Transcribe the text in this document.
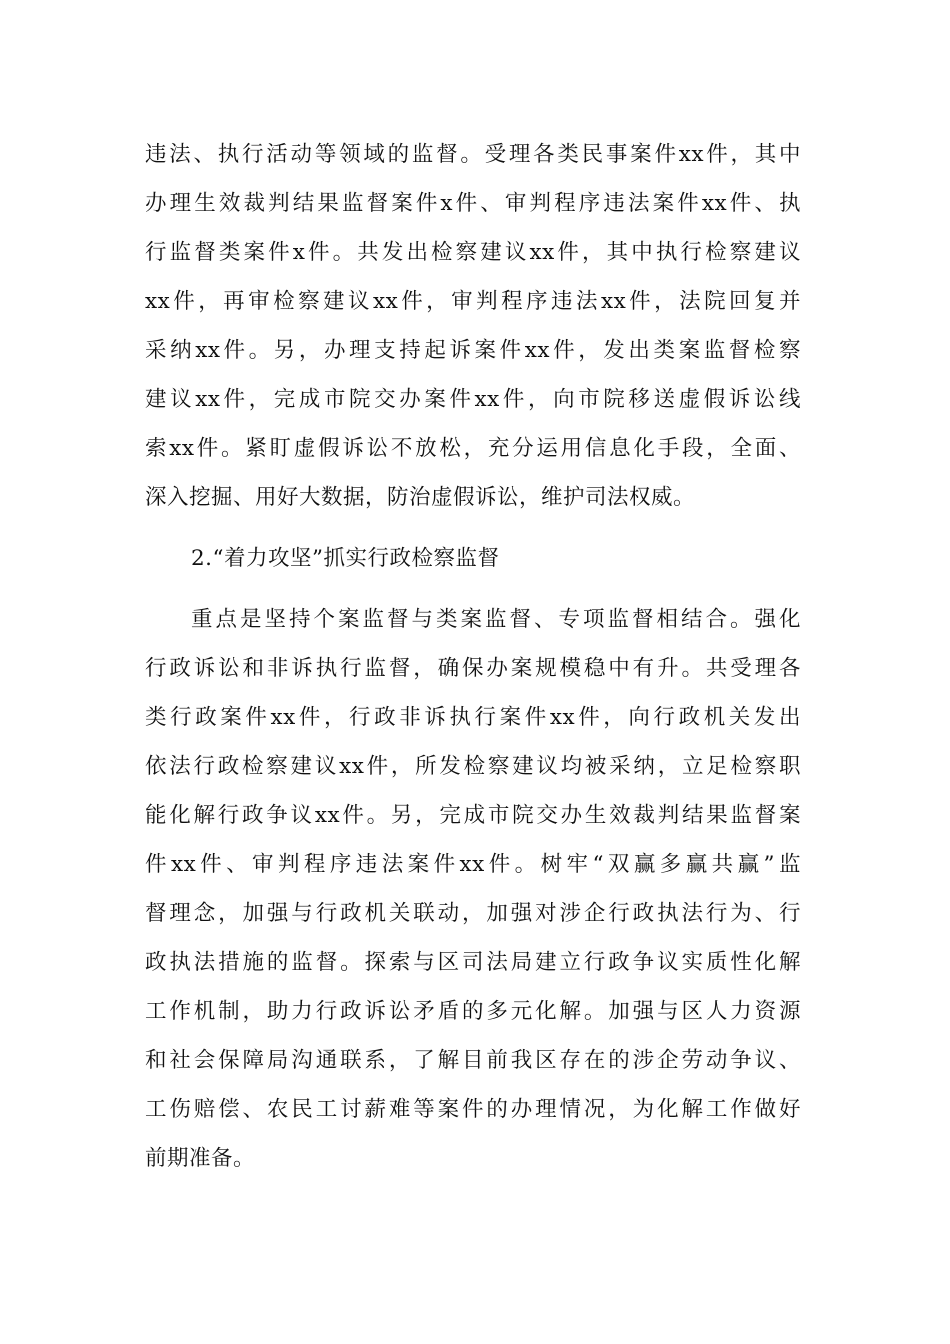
违法、执行活动等领域的监督。受理各类民事案件xx件，其中
办理生效裁判结果监督案件x件、审判程序违法案件xx件、执
行监督类案件x件。共发出检察建议xx件，其中执行检察建议
xx件，再审检察建议xx件，审判程序违法xx件，法院回复并
采纳xx件。另，办理支持起诉案件xx件，发出类案监督检察
建议xx件，完成市院交办案件xx件，向市院移送虚假诉讼线
索xx件。紧盯虚假诉讼不放松，充分运用信息化手段，全面、
深入挖掘、用好大数据，防治虚假诉讼，维护司法权威。
2.“着力攻坚”抓实行政检察监督
重点是坚持个案监督与类案监督、专项监督相结合。强化
行政诉讼和非诉执行监督，确保办案规模稳中有升。共受理各
类行政案件xx件，行政非诉执行案件xx件，向行政机关发出
依法行政检察建议xx件，所发检察建议均被采纳，立足检察职
能化解行政争议xx件。另，完成市院交办生效裁判结果监督案
件xx件、审判程序违法案件xx件。树牢“双赢多赢共赢”监
督理念，加强与行政机关联动，加强对涉企行政执法行为、行
政执法措施的监督。探索与区司法局建立行政争议实质性化解
工作机制，助力行政诉讼矛盾的多元化解。加强与区人力资源
和社会保障局沟通联系，了解目前我区存在的涉企劳动争议、
工伤赔偿、农民工讨薪难等案件的办理情况，为化解工作做好
前期准备。
